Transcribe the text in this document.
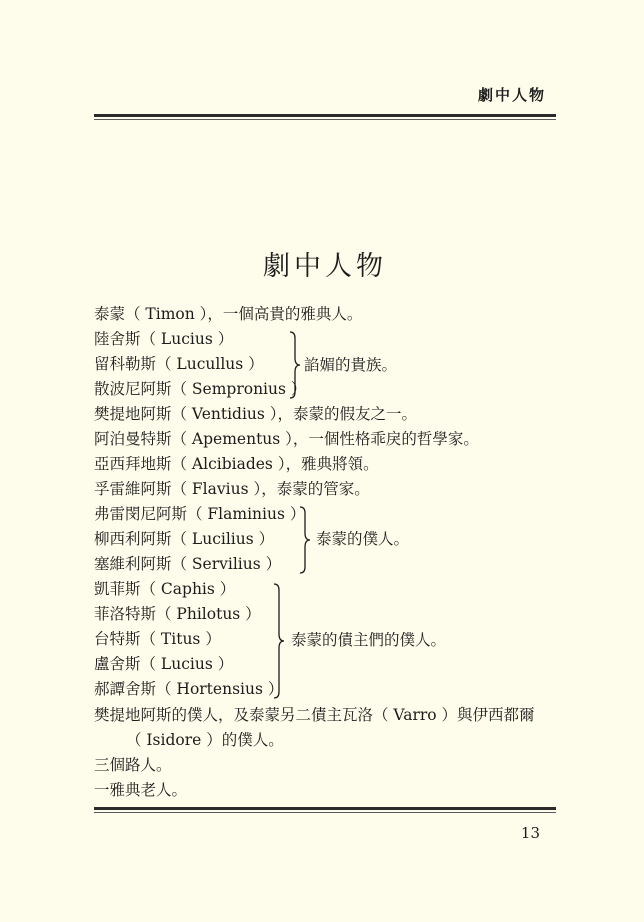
劇中人物
劇中人物
泰蒙（ Timon ），一個高貴的雅典人。
陸舍斯（ Lucius ）
留科勒斯（ Lucullus ）
散波尼阿斯（ Sempronius ）
樊提地阿斯（ Ventidius ），泰蒙的假友之一。
阿泊曼特斯（ Apementus ），一個性格乖戾的哲學家。
亞西拜地斯（ Alcibiades ），雅典將領。
孚雷維阿斯（ Flavius ），泰蒙的管家。
弗雷閔尼阿斯（ Flaminius ）
柳西利阿斯（ Lucilius ）
塞維利阿斯（ Servilius ）
凱菲斯（ Caphis ）
菲洛特斯（ Philotus ）
台特斯（ Titus ）
盧舍斯（ Lucius ）
郝譚舍斯（ Hortensius ）
樊提地阿斯的僕人，及泰蒙另二債主瓦洛（ Varro ）與伊西都爾
（ Isidore ）的僕人。
三個路人。
一雅典老人。
諂媚的貴族。
泰蒙的僕人。
泰蒙的債主們的僕人。
13
